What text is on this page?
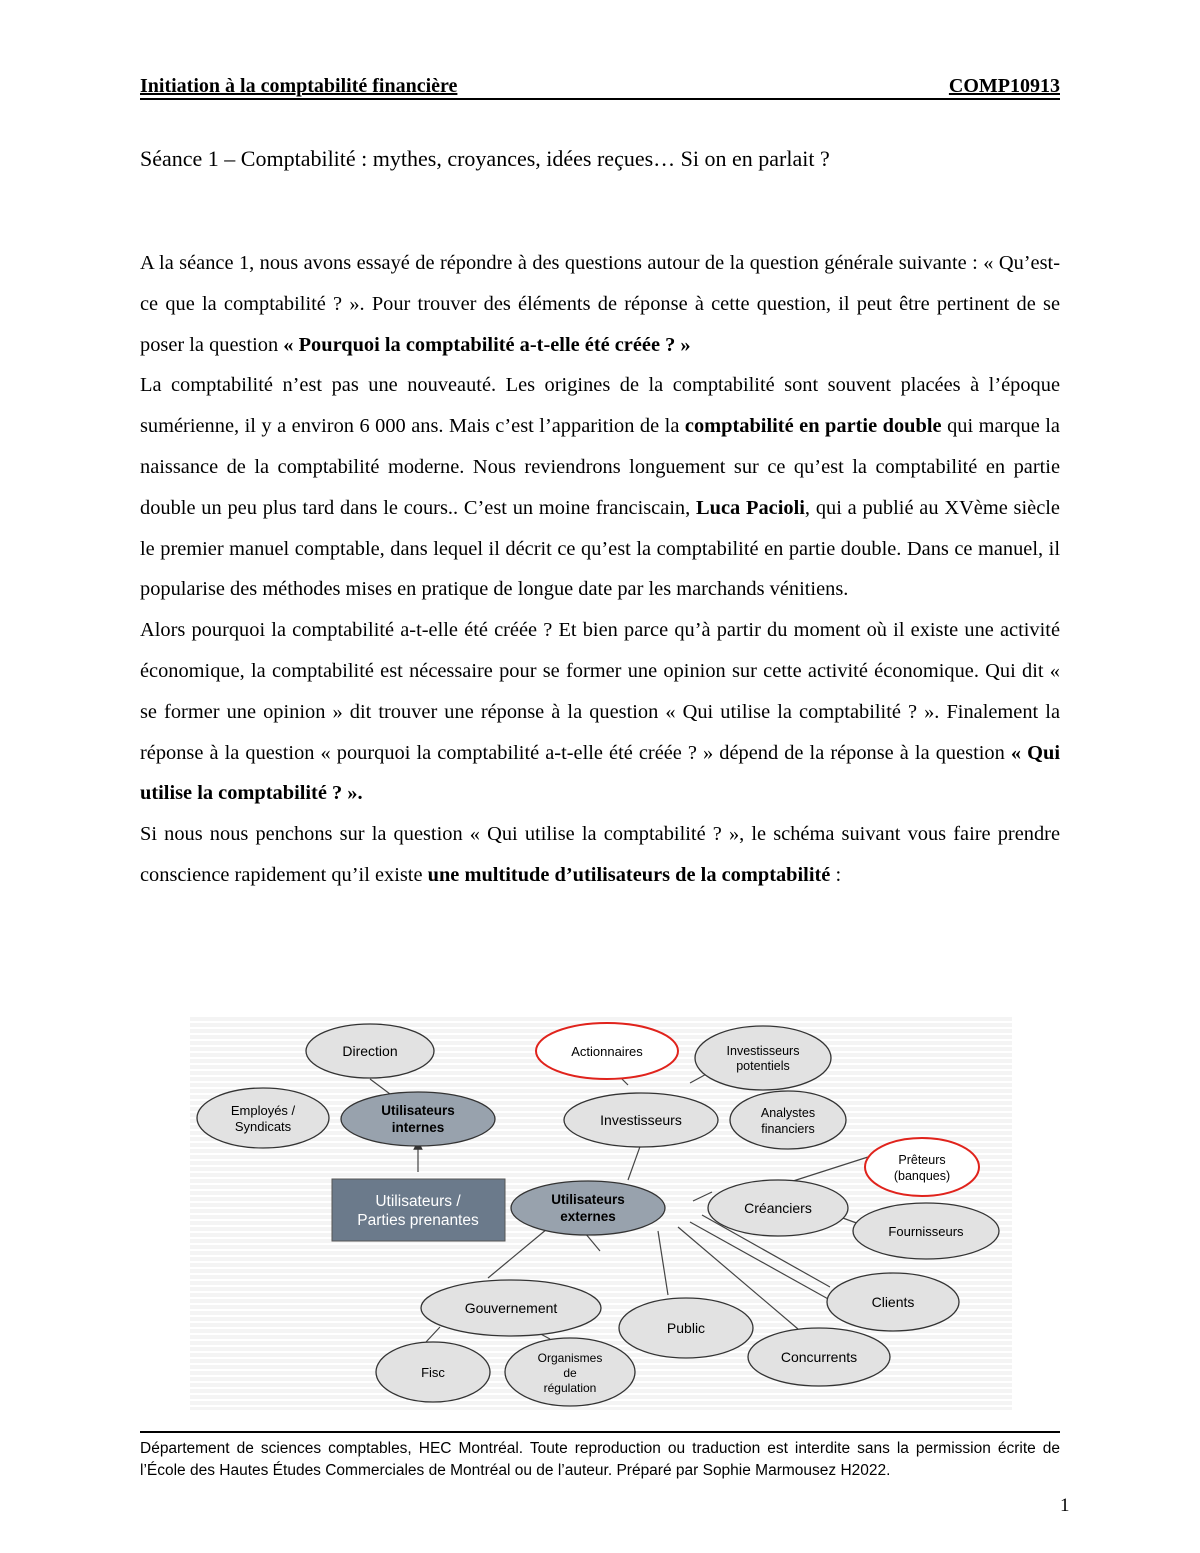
Initiation à la comptabilité financière	COMP10913
Séance 1 – Comptabilité : mythes, croyances, idées reçues… Si on en parlait ?

A la séance 1, nous avons essayé de répondre à des questions autour de la question générale suivante : « Qu’est-ce que la comptabilité ? ». Pour trouver des éléments de réponse à cette question, il peut être pertinent de se poser la question « Pourquoi la comptabilité a-t-elle été créée ? »

La comptabilité n’est pas une nouveauté. Les origines de la comptabilité sont souvent placées à l’époque sumérienne, il y a environ 6 000 ans. Mais c’est l’apparition de la comptabilité en partie double qui marque la naissance de la comptabilité moderne. Nous reviendrons longuement sur ce qu’est la comptabilité en partie double un peu plus tard dans le cours.. C’est un moine franciscain, Luca Pacioli, qui a publié au XVème siècle le premier manuel comptable, dans lequel il décrit ce qu’est la comptabilité en partie double. Dans ce manuel, il popularise des méthodes mises en pratique de longue date par les marchands vénitiens.

Alors pourquoi la comptabilité a-t-elle été créée ? Et bien parce qu’à partir du moment où il existe une activité économique, la comptabilité est nécessaire pour se former une opinion sur cette activité économique. Qui dit « se former une opinion » dit trouver une réponse à la question « Qui utilise la comptabilité ? ». Finalement la réponse à la question « pourquoi la comptabilité a-t-elle été créée ? » dépend de la réponse à la question « Qui utilise la comptabilité ? ».

Si nous nous penchons sur la question « Qui utilise la comptabilité ? », le schéma suivant vous faire prendre conscience rapidement qu’il existe une multitude d’utilisateurs de la comptabilité :

Direction
Employés /
Syndicats
Utilisateurs
internes
Utilisateurs /
Parties prenantes
Actionnaires	Investisseurs
potentiels
Investisseurs	Analystes
financiers
Utilisateurs
externes
Prêteurs
(banques)
Créanciers
Fournisseurs
Clients
Gouvernement
Public
Concurrents
Fisc
Organismes
de
régulation
Département de sciences comptables, HEC Montréal. Toute reproduction ou traduction est interdite sans la permission écrite de l’École des Hautes Études Commerciales de Montréal ou de l’auteur. Préparé par Sophie Marmousez H2022.
1
